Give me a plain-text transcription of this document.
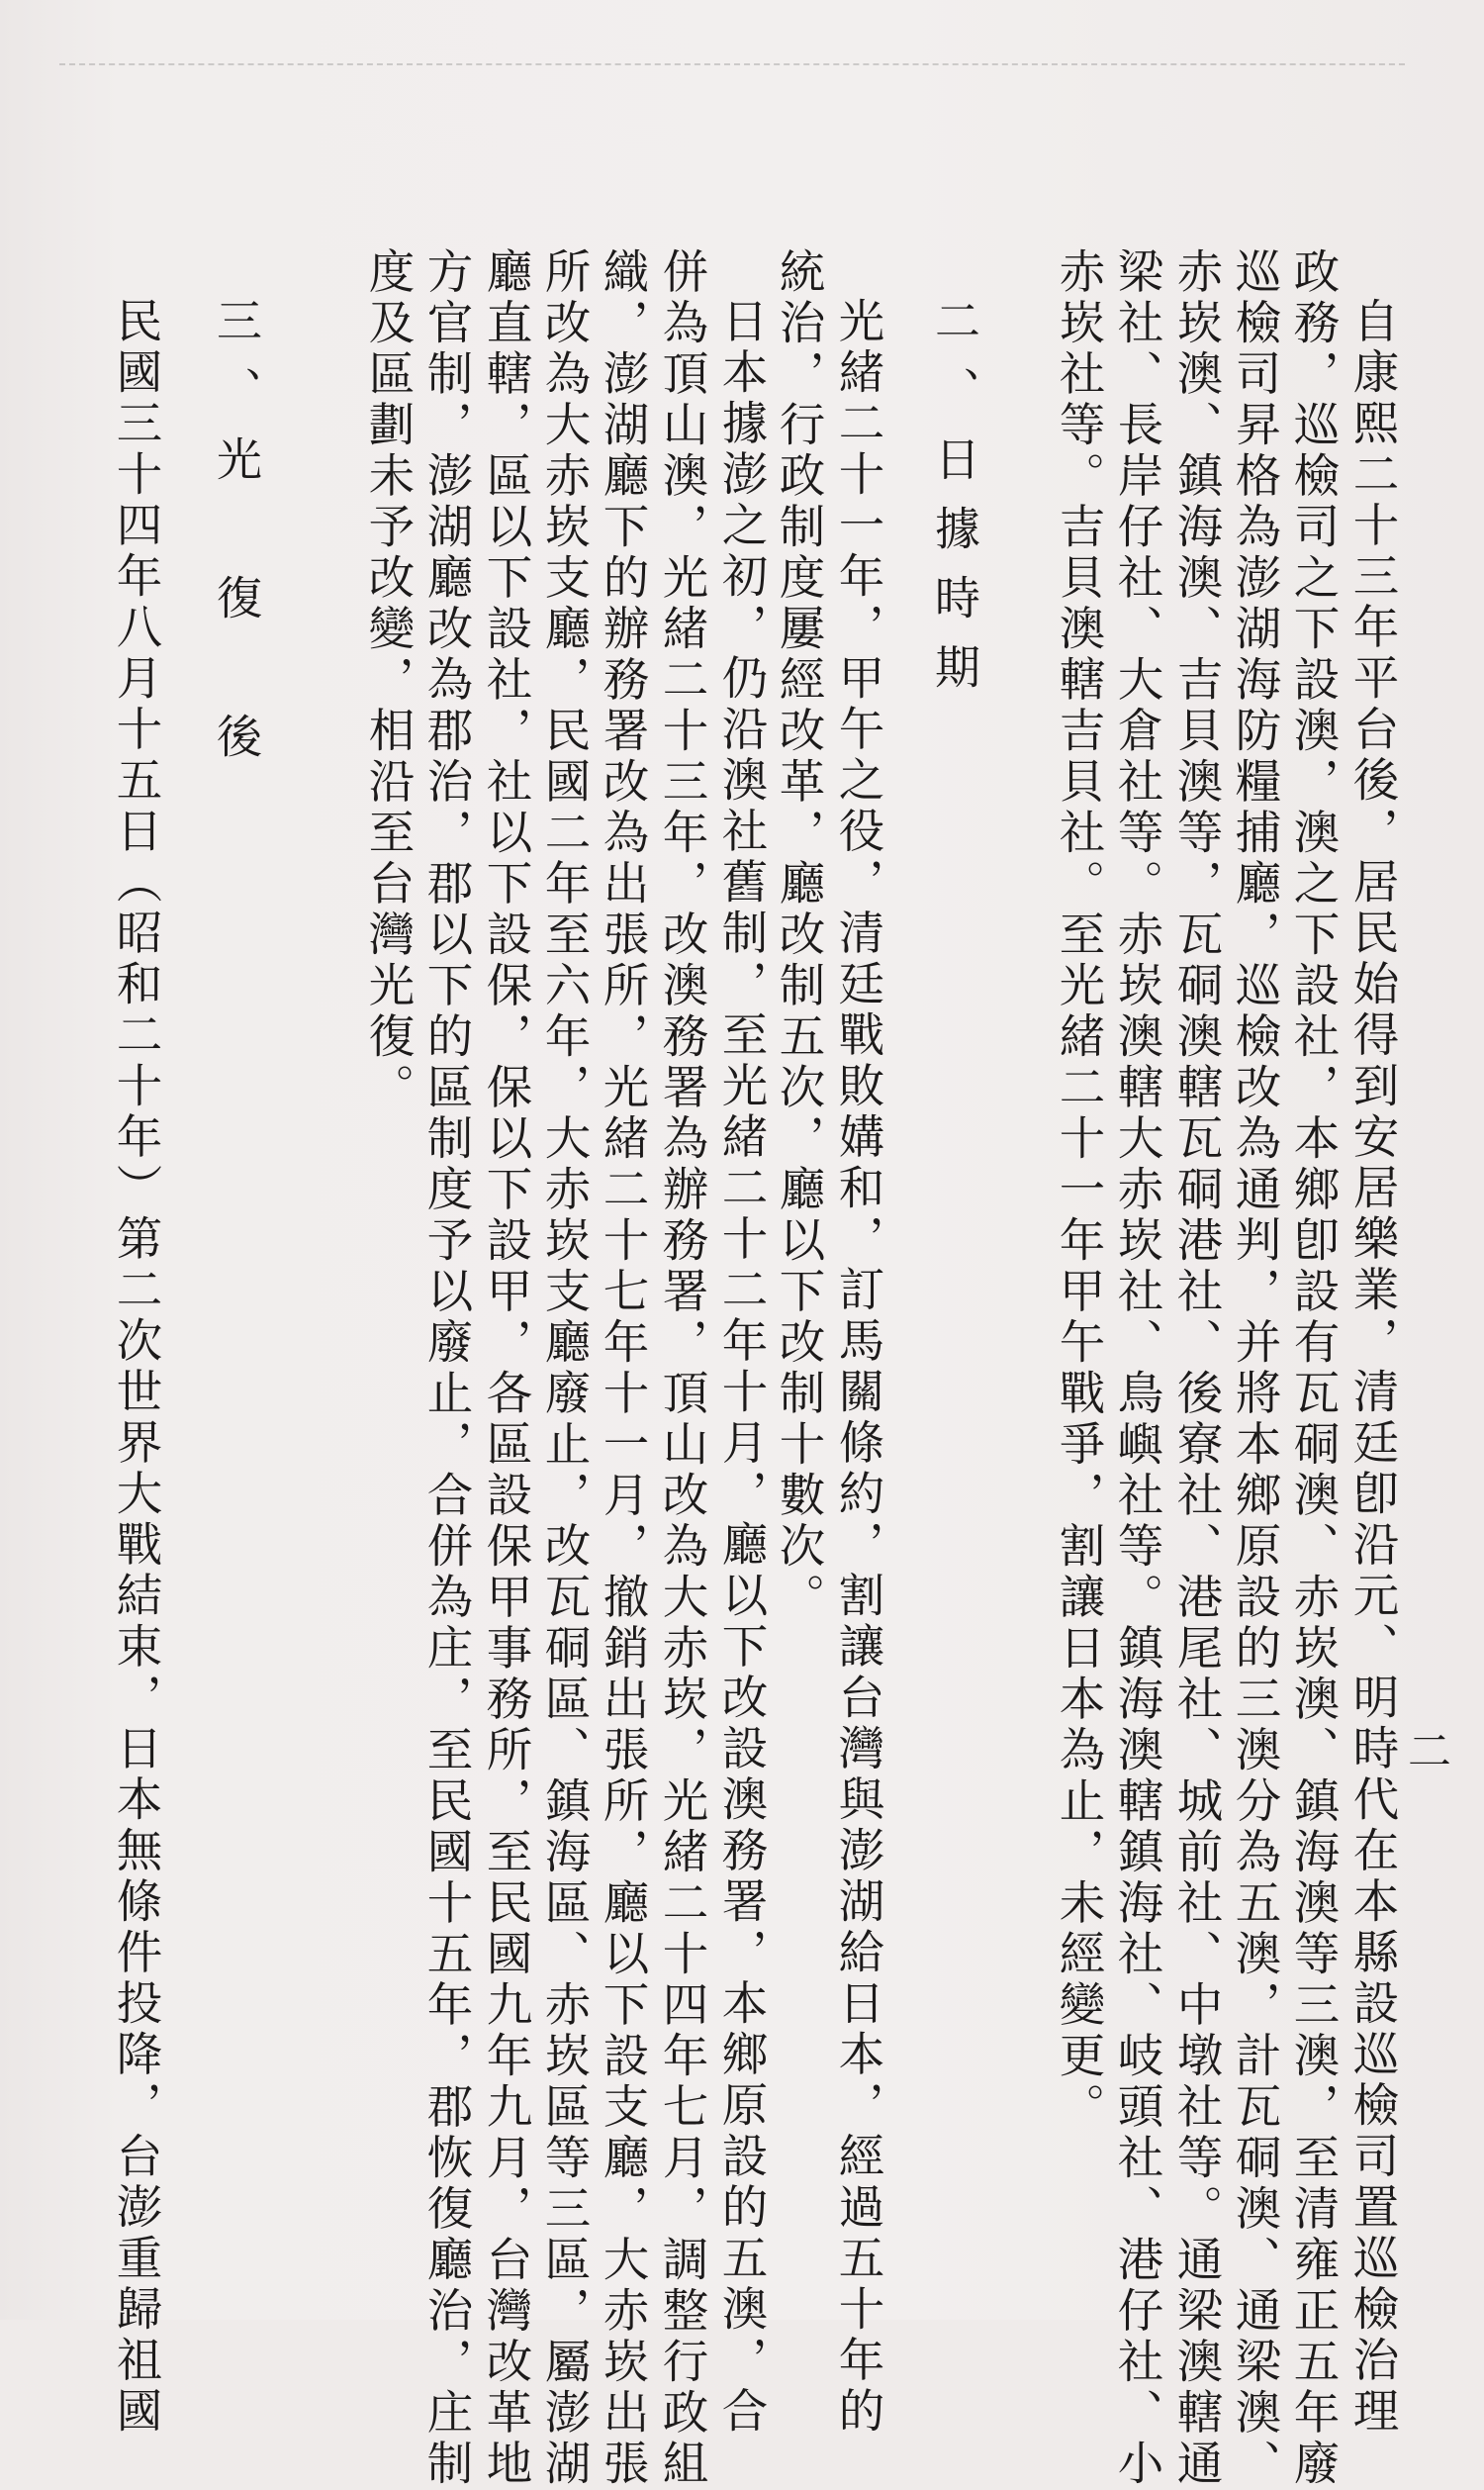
二
自康熙二十三年平台後，居民始得到安居樂業，清廷卽沿元、明時代在本縣設巡檢司置巡檢治理
政務，巡檢司之下設澳，澳之下設社，本鄉卽設有瓦硐澳、赤崁澳、鎮海澳等三澳，至清雍正五年廢
巡檢司昇格為澎湖海防糧捕廳，巡檢改為通判，并將本鄉原設的三澳分為五澳，計瓦硐澳、通梁澳、
赤崁澳、鎮海澳、吉貝澳等，瓦硐澳轄瓦硐港社、後寮社、港尾社、城前社、中墩社等。通梁澳轄通
梁社、長岸仔社、大倉社等。赤崁澳轄大赤崁社、鳥嶼社等。鎮海澳轄鎮海社、岐頭社、港仔社、小
赤崁社等。吉貝澳轄吉貝社。至光緒二十一年甲午戰爭，割讓日本為止，未經變更。
二、日據時期
光緒二十一年，甲午之役，清廷戰敗媾和，訂馬關條約，割讓台灣與澎湖給日本，經過五十年的
統治，行政制度屢經改革，廳改制五次，廳以下改制十數次。
日本據澎之初，仍沿澳社舊制，至光緒二十二年十月，廳以下改設澳務署，本鄉原設的五澳，合
併為頂山澳，光緒二十三年，改澳務署為辦務署，頂山改為大赤崁，光緒二十四年七月，調整行政組
織，澎湖廳下的辦務署改為出張所，光緒二十七年十一月，撤銷出張所，廳以下設支廳，大赤崁出張
所改為大赤崁支廳，民國二年至六年，大赤崁支廳廢止，改瓦硐區、鎮海區、赤崁區等三區，屬澎湖
廳直轄，區以下設社，社以下設保，保以下設甲，各區設保甲事務所，至民國九年九月，台灣改革地
方官制，澎湖廳改為郡治，郡以下的區制度予以廢止，合併為庄，至民國十五年，郡恢復廳治，庄制
度及區劃未予改變，相沿至台灣光復。
三、光　復　後
民國三十四年八月十五日（昭和二十年）第二次世界大戰結束，日本無條件投降，台澎重歸祖國
